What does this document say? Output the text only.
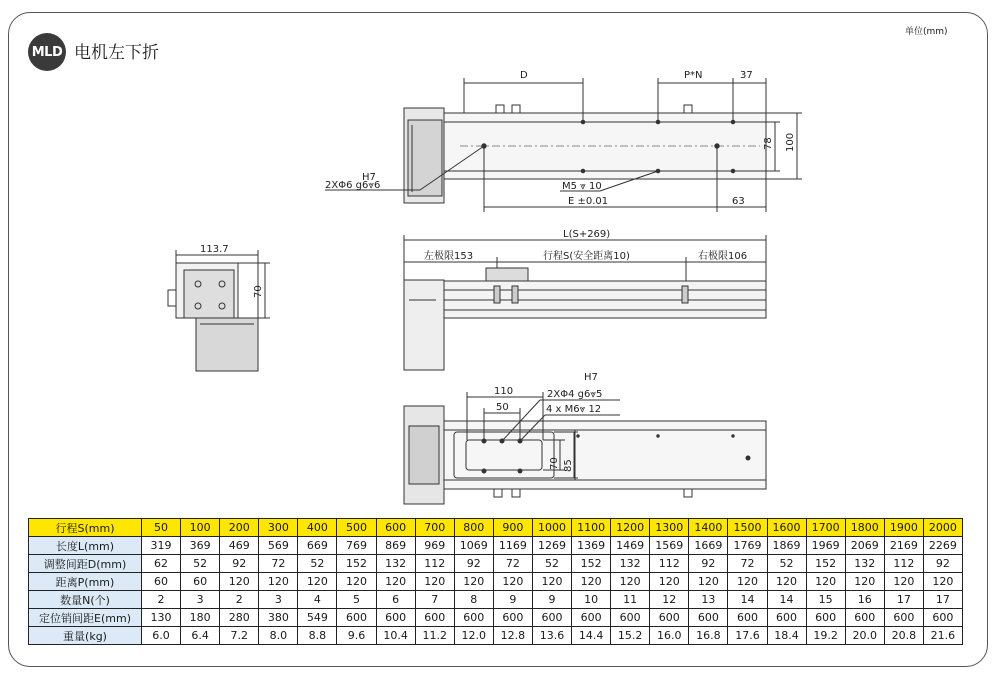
MLD 电机左下折
单位(mm)
D	P*N	37
78 100
H7
2XΦ6 g6⩔6	M5 ⩔ 10
E ±0.01	63
113.7
70
L(S+269)
左极限153	行程S(安全距离10)	右极限106
110
50
H7
2XΦ4 g6⩔5
4 x M6⩔ 12
70 85
行程S(mm)	50	100	200	300	400	500	600	700	800	900	1000	1100	1200	1300	1400	1500	1600	1700	1800	1900	2000
长度L(mm)	319	369	469	569	669	769	869	969	1069	1169	1269	1369	1469	1569	1669	1769	1869	1969	2069	2169	2269
调整间距D(mm)	62	52	92	72	52	152	132	112	92	72	52	152	132	112	92	72	52	152	132	112	92
距离P(mm)	60	60	120	120	120	120	120	120	120	120	120	120	120	120	120	120	120	120	120	120	120
数量N(个)	2	3	2	3	4	5	6	7	8	9	9	10	11	12	13	14	14	15	16	17	17
定位销间距E(mm)	130	180	280	380	549	600	600	600	600	600	600	600	600	600	600	600	600	600	600	600	600
重量(kg)	6.0	6.4	7.2	8.0	8.8	9.6	10.4	11.2	12.0	12.8	13.6	14.4	15.2	16.0	16.8	17.6	18.4	19.2	20.0	20.8	21.6
